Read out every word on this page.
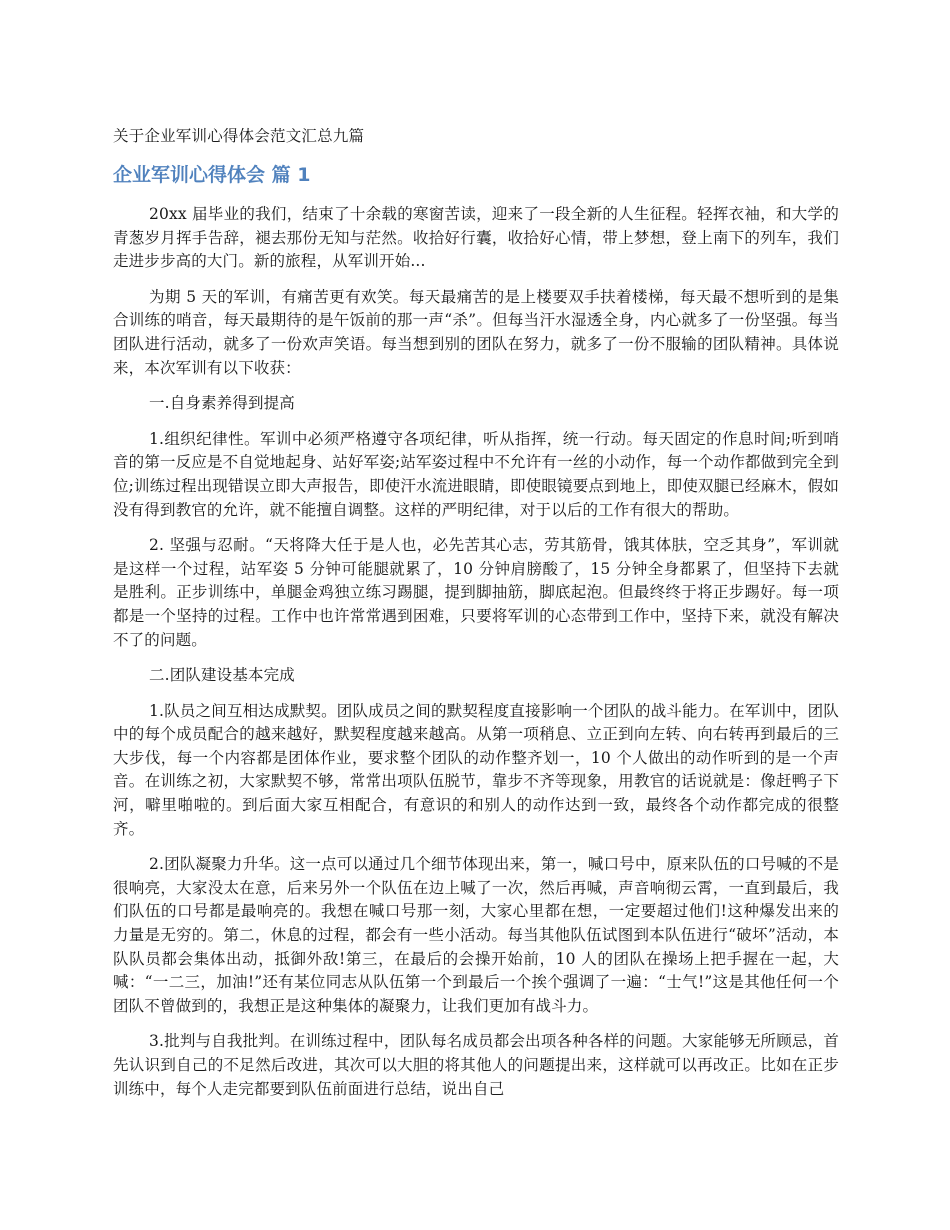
关于企业军训心得体会范文汇总九篇
企业军训心得体会 篇 1

20xx 届毕业的我们，结束了十余载的寒窗苦读，迎来了一段全新的人生征程。轻挥衣袖，和大学的青葱岁月挥手告辞，褪去那份无知与茫然。收拾好行囊，收拾好心情，带上梦想，登上南下的列车，我们走进步步高的大门。新的旅程，从军训开始...

为期 5 天的军训，有痛苦更有欢笑。每天最痛苦的是上楼要双手扶着楼梯，每天最不想听到的是集合训练的哨音，每天最期待的是午饭前的那一声“杀”。但每当汗水湿透全身，内心就多了一份坚强。每当团队进行活动，就多了一份欢声笑语。每当想到别的团队在努力，就多了一份不服输的团队精神。具体说来，本次军训有以下收获：

一.自身素养得到提高

1.组织纪律性。军训中必须严格遵守各项纪律，听从指挥，统一行动。每天固定的作息时间;听到哨音的第一反应是不自觉地起身、站好军姿;站军姿过程中不允许有一丝的小动作，每一个动作都做到完全到位;训练过程出现错误立即大声报告，即使汗水流进眼睛，即使眼镜要点到地上，即使双腿已经麻木，假如没有得到教官的允许，就不能擅自调整。这样的严明纪律，对于以后的工作有很大的帮助。

2. 坚强与忍耐。“天将降大任于是人也，必先苦其心志，劳其筋骨，饿其体肤，空乏其身”，军训就是这样一个过程，站军姿 5 分钟可能腿就累了，10 分钟肩膀酸了，15 分钟全身都累了，但坚持下去就是胜利。正步训练中，单腿金鸡独立练习踢腿，提到脚抽筋，脚底起泡。但最终终于将正步踢好。每一项都是一个坚持的过程。工作中也许常常遇到困难，只要将军训的心态带到工作中，坚持下来，就没有解决不了的问题。

二.团队建设基本完成

1.队员之间互相达成默契。团队成员之间的默契程度直接影响一个团队的战斗能力。在军训中，团队中的每个成员配合的越来越好，默契程度越来越高。从第一项稍息、立正到向左转、向右转再到最后的三大步伐，每一个内容都是团体作业，要求整个团队的动作整齐划一，10 个人做出的动作听到的是一个声音。在训练之初，大家默契不够，常常出项队伍脱节，靠步不齐等现象，用教官的话说就是：像赶鸭子下河，噼里啪啦的。到后面大家互相配合，有意识的和别人的动作达到一致，最终各个动作都完成的很整齐。

2.团队凝聚力升华。这一点可以通过几个细节体现出来，第一，喊口号中，原来队伍的口号喊的不是很响亮，大家没太在意，后来另外一个队伍在边上喊了一次，然后再喊，声音响彻云霄，一直到最后，我们队伍的口号都是最响亮的。我想在喊口号那一刻，大家心里都在想，一定要超过他们!这种爆发出来的力量是无穷的。第二，休息的过程，都会有一些小活动。每当其他队伍试图到本队伍进行“破坏”活动，本队队员都会集体出动，抵御外敌!第三，在最后的会操开始前，10 人的团队在操场上把手握在一起，大喊：“一二三，加油!”还有某位同志从队伍第一个到最后一个挨个强调了一遍：“士气!”这是其他任何一个团队不曾做到的，我想正是这种集体的凝聚力，让我们更加有战斗力。

3.批判与自我批判。在训练过程中，团队每名成员都会出项各种各样的问题。大家能够无所顾忌，首先认识到自己的不足然后改进，其次可以大胆的将其他人的问题提出来，这样就可以再改正。比如在正步训练中，每个人走完都要到队伍前面进行总结，说出自己
